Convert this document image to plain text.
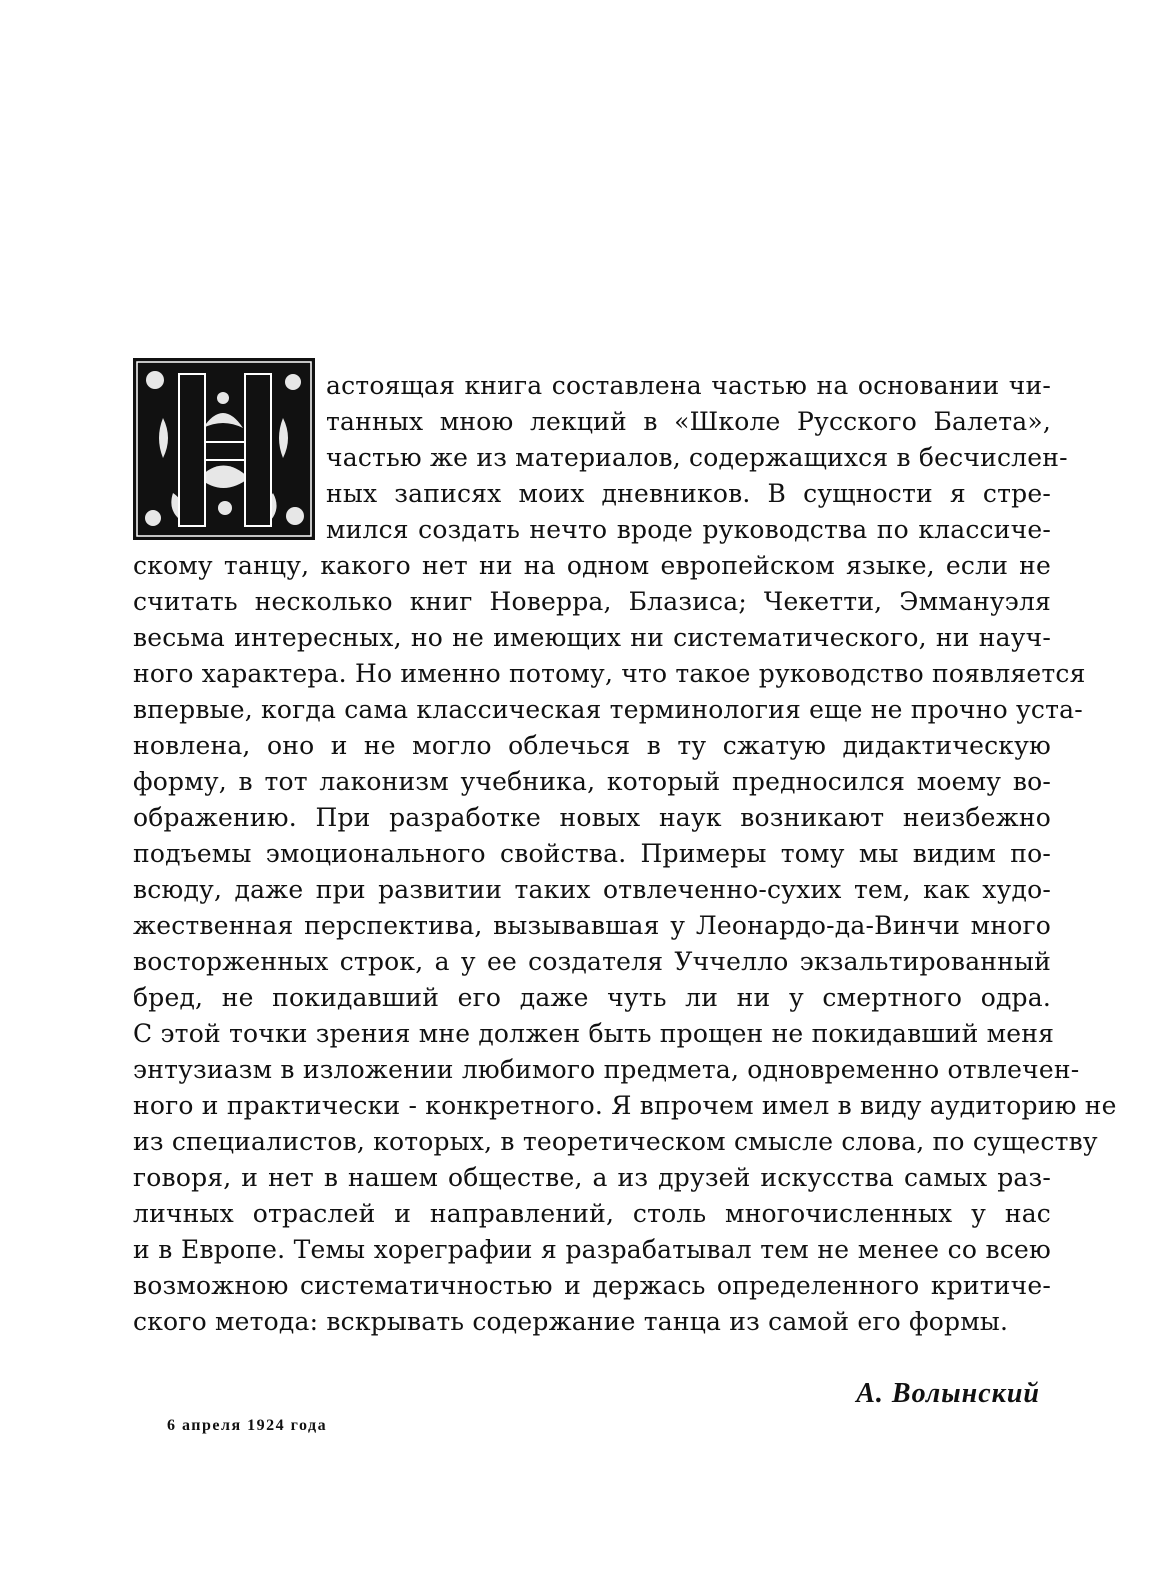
астоящая книга составлена частью на основании чи-
танных мною лекций в «Школе Русского Балета»,
частью же из материалов, содержащихся в бесчислен-
ных записях моих дневников. В сущности я стре-
мился создать нечто вроде руководства по классиче-
скому танцу, какого нет ни на одном европейском языке, если не
считать несколько книг Новерра, Блазиса; Чекетти, Эммануэля
весьма интересных, но не имеющих ни систематического, ни науч-
ного характера. Но именно потому, что такое руководство появляется
впервые, когда сама классическая терминология еще не прочно уста-
новлена, оно и не могло облечься в ту сжатую дидактическую
форму, в тот лаконизм учебника, который предносился моему во-
ображению. При разработке новых наук возникают неизбежно
подъемы эмоционального свойства. Примеры тому мы видим по-
всюду, даже при развитии таких отвлеченно-сухих тем, как худо-
жественная перспектива, вызывавшая у Леонардо-да-Винчи много
восторженных строк, а у ее создателя Уччелло экзальтированный
бред, не покидавший его даже чуть ли ни у смертного одра.
С этой точки зрения мне должен быть прощен не покидавший меня
энтузиазм в изложении любимого предмета, одновременно отвлечен-
ного и практически - конкретного. Я впрочем имел в виду аудиторию не
из специалистов, которых, в теоретическом смысле слова, по существу
говоря, и нет в нашем обществе, а из друзей искусства самых раз-
личных отраслей и направлений, столь многочисленных у нас
и в Европе. Темы хореграфии я разрабатывал тем не менее со всею
возможною систематичностью и держась определенного критиче-
ского метода: вскрывать содержание танца из самой его формы.
А. Волынский
6 апреля 1924 года
